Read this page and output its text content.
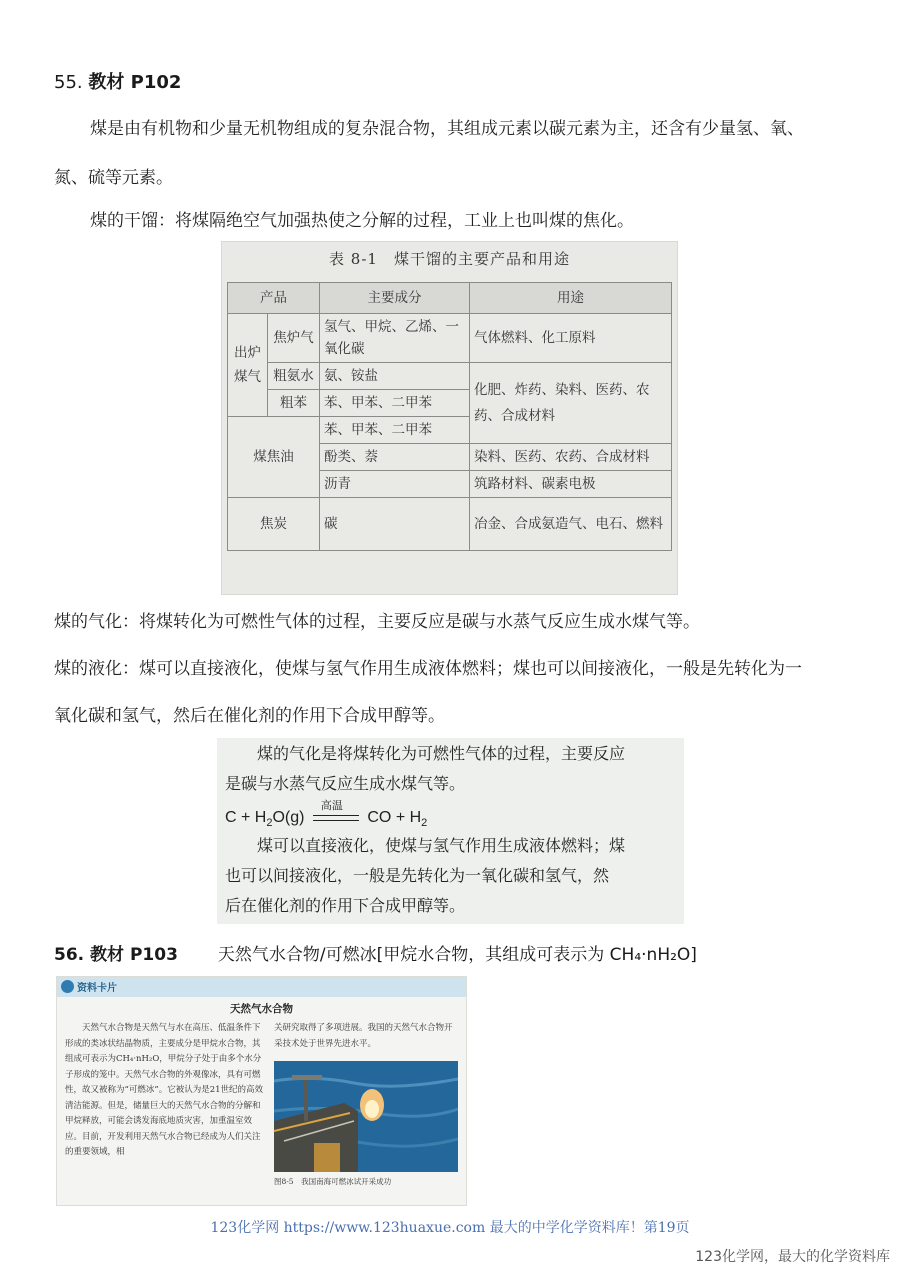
55. 教材 P102
煤是由有机物和少量无机物组成的复杂混合物，其组成元素以碳元素为主，还含有少量氢、氧、
氮、硫等元素。
煤的干馏：将煤隔绝空气加强热使之分解的过程，工业上也叫煤的焦化。
表 8-1　煤干馏的主要产品和用途
产品		主要成分	用途
出炉煤气	焦炉气	氢气、甲烷、乙烯、一氧化碳	气体燃料、化工原料
	粗氨水	氨、铵盐	化肥、炸药、染料、医药、农药、合成材料
	粗苯	苯、甲苯、二甲苯	
煤焦油		苯、甲苯、二甲苯	
		酚类、萘	染料、医药、农药、合成材料
		沥青	筑路材料、碳素电极
焦炭		碳	冶金、合成氨造气、电石、燃料
煤的气化：将煤转化为可燃性气体的过程，主要反应是碳与水蒸气反应生成水煤气等。
煤的液化：煤可以直接液化，使煤与氢气作用生成液体燃料；煤也可以间接液化，一般是先转化为一
氧化碳和氢气，然后在催化剂的作用下合成甲醇等。
煤的气化是将煤转化为可燃性气体的过程，主要反应
是碳与水蒸气反应生成水煤气等。
$C + H_2O(g)$
高温
CO + $H_2$
煤可以直接液化，使煤与氢气作用生成液体燃料；煤
也可以间接液化，一般是先转化为一氧化碳和氢气，然
后在催化剂的作用下合成甲醇等。
56. 教材 P103 天然气水合物/可燃冰[甲烷水合物，其组成可表示为 CH₄·nH₂O]
资料卡片
天然气水合物
天然气水合物是天然气与水在高压、低温条件下形成的类冰状结晶物质，主要成分是甲烷水合物，其组成可表示为CH₄·nH₂O，甲烷分子处于由多个水分子形成的笼中。天然气水合物的外观像冰，具有可燃性，故又被称为“可燃冰”。它被认为是21世纪的高效清洁能源。但是，储量巨大的天然气水合物的分解和甲烷释放，可能会诱发海底地质灾害，加重温室效应。目前，开发利用天然气水合物已经成为人们关注的重要领域，相
关研究取得了多项进展。我国的天然气水合物开采技术处于世界先进水平。
图8-5　我国南海可燃冰试开采成功
123化学网 https://www.123huaxue.com 最大的中学化学资料库！第19页
123化学网，最大的化学资料库
